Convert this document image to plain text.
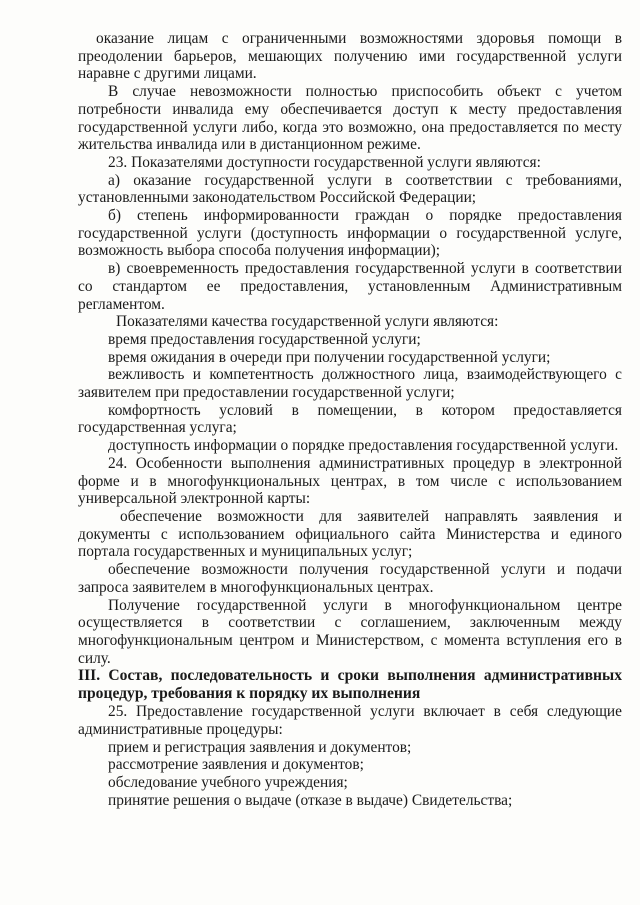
оказание лицам с ограниченными возможностями здоровья помощи в преодолении барьеров, мешающих получению ими государственной услуги наравне с другими лицами.

В случае невозможности полностью приспособить объект с учетом потребности инвалида ему обеспечивается доступ к месту предоставления государственной услуги либо, когда это возможно, она предоставляется по месту жительства инвалида или в дистанционном режиме.

23. Показателями доступности государственной услуги являются:

а) оказание государственной услуги в соответствии с требованиями, установленными законодательством Российской Федерации;

б) степень информированности граждан о порядке предоставления государственной услуги (доступность информации о государственной услуге, возможность выбора способа получения информации);

в) своевременность предоставления государственной услуги в соответствии со стандартом ее предоставления, установленным Административным регламентом.

Показателями качества государственной услуги являются:

время предоставления государственной услуги;

время ожидания в очереди при получении государственной услуги;

вежливость и компетентность должностного лица, взаимодействующего с заявителем при предоставлении государственной услуги;

комфортность условий в помещении, в котором предоставляется государственная услуга;

доступность информации о порядке предоставления государственной услуги.

24. Особенности выполнения административных процедур в электронной форме и в многофункциональных центрах, в том числе с использованием универсальной электронной карты:

обеспечение возможности для заявителей направлять заявления и документы с использованием официального сайта Министерства и единого портала государственных и муниципальных услуг;

обеспечение возможности получения государственной услуги и подачи запроса заявителем в многофункциональных центрах.

Получение государственной услуги в многофункциональном центре осуществляется в соответствии с соглашением, заключенным между многофункциональным центром и Министерством, с момента вступления его в силу.

III. Состав, последовательность и сроки выполнения административных процедур, требования к порядку их выполнения

25. Предоставление государственной услуги включает в себя следующие административные процедуры:

прием и регистрация заявления и документов;

рассмотрение заявления и документов;

обследование учебного учреждения;

принятие решения о выдаче (отказе в выдаче) Свидетельства;
